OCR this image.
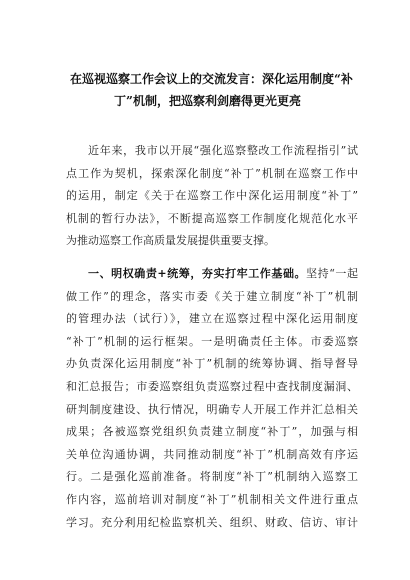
在巡视巡察工作会议上的交流发言：深化运用制度“补
丁”机制，把巡察利剑磨得更光更亮
近年来，我市以开展“强化巡察整改工作流程指引”试
点工作为契机，探索深化制度“补丁”机制在巡察工作中
的运用，制定《关于在巡察工作中深化运用制度“补丁”
机制的暂行办法》，不断提高巡察工作制度化规范化水平
为推动巡察工作高质量发展提供重要支撑。
一、明权确责+统筹，夯实打牢工作基础。坚持“一起
做工作”的理念，落实市委《关于建立制度“补丁”机制
的管理办法（试行）》，建立在巡察过程中深化运用制度
“补丁”机制的运行框架。一是明确责任主体。市委巡察
办负责深化运用制度“补丁”机制的统筹协调、指导督导
和汇总报告；市委巡察组负责巡察过程中查找制度漏洞、
研判制度建设、执行情况，明确专人开展工作并汇总相关
成果；各被巡察党组织负责建立制度“补丁”，加强与相
关单位沟通协调，共同推动制度“补丁”机制高效有序运
行。二是强化巡前准备。将制度“补丁”机制纳入巡察工
作内容，巡前培训对制度“补丁”机制相关文件进行重点
学习。充分利用纪检监察机关、组织、财政、信访、审计
